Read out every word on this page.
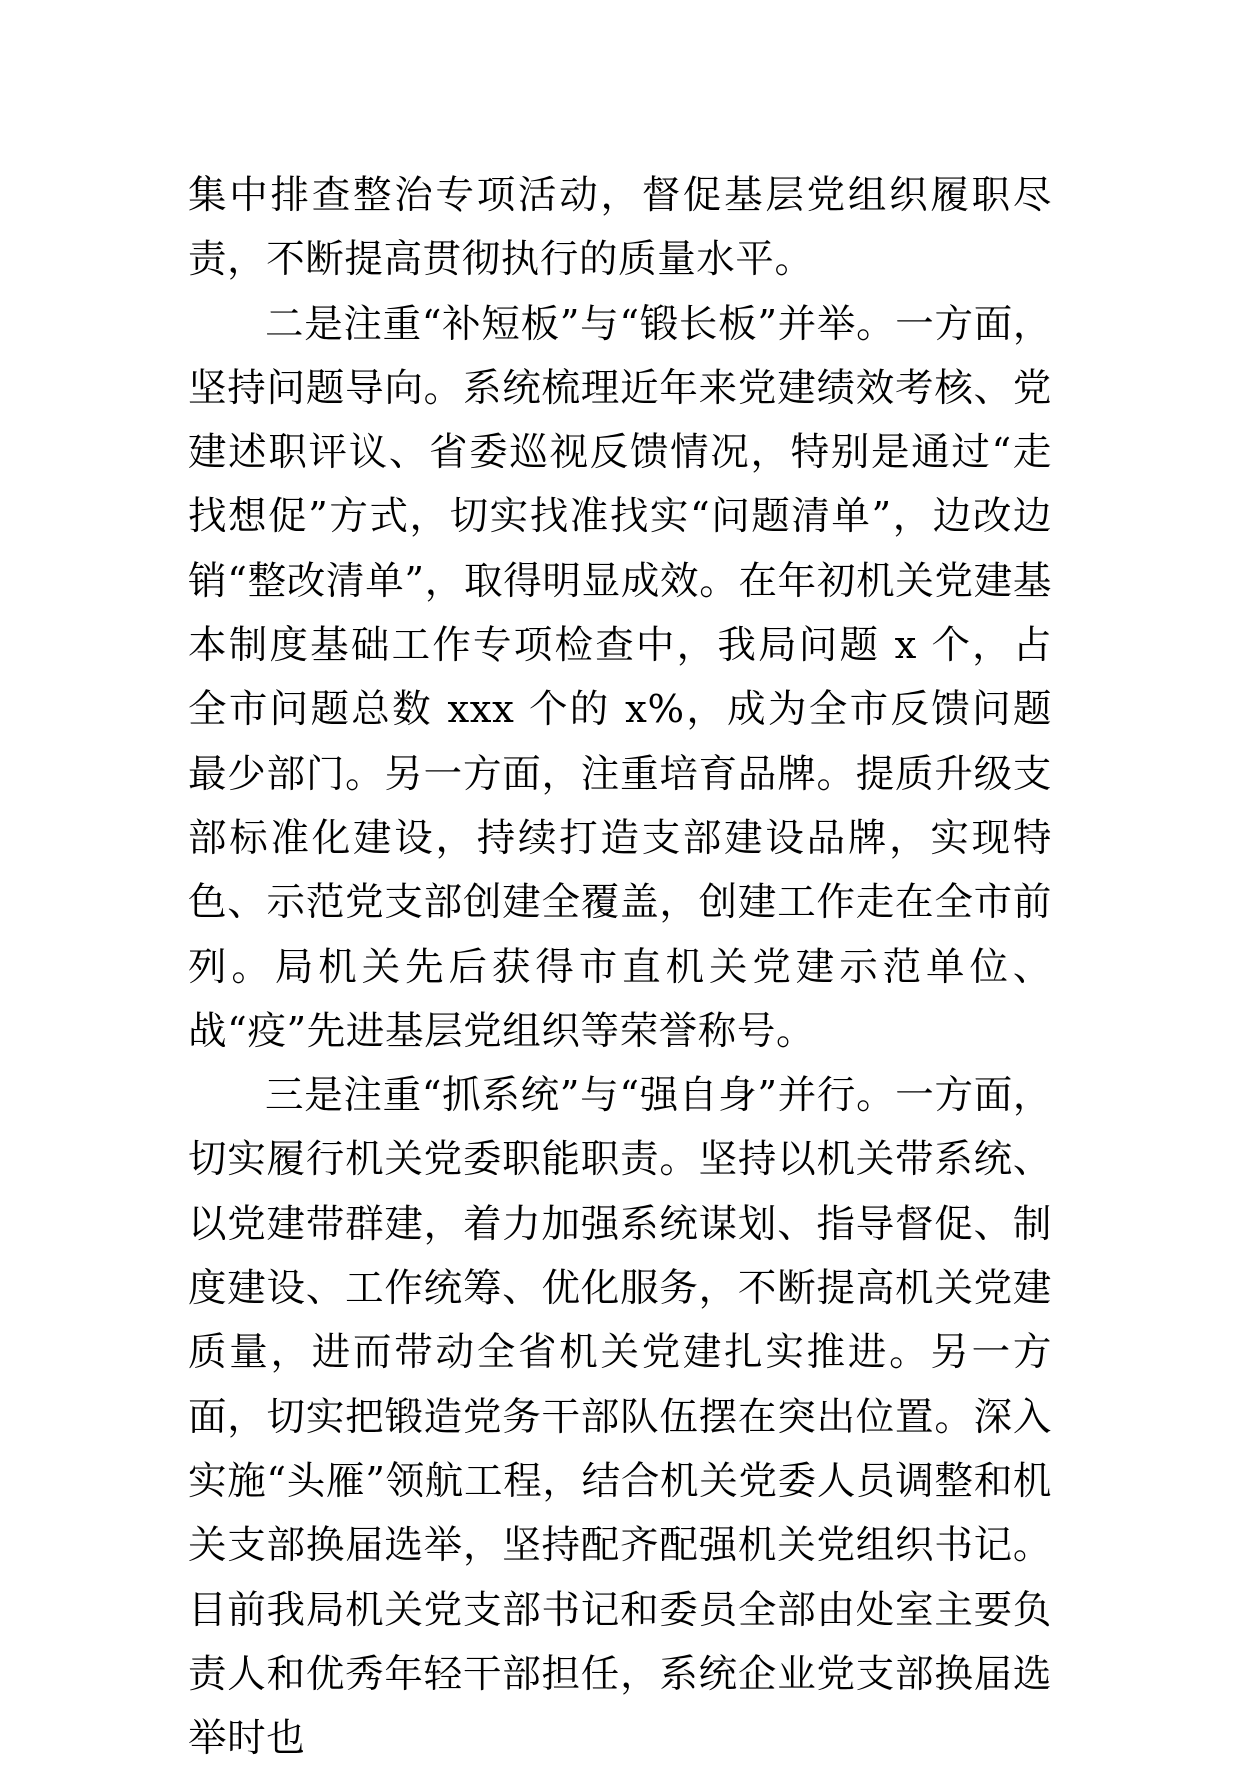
集中排查整治专项活动，督促基层党组织履职尽责，不断提高贯彻执行的质量水平。

二是注重“补短板”与“锻长板”并举。一方面，坚持问题导向。系统梳理近年来党建绩效考核、党建述职评议、省委巡视反馈情况，特别是通过“走找想促”方式，切实找准找实“问题清单”，边改边销“整改清单”，取得明显成效。在年初机关党建基本制度基础工作专项检查中，我局问题 x 个，占全市问题总数 xxx 个的 x%，成为全市反馈问题最少部门。另一方面，注重培育品牌。提质升级支部标准化建设，持续打造支部建设品牌，实现特色、示范党支部创建全覆盖，创建工作走在全市前列。局机关先后获得市直机关党建示范单位、战“疫”先进基层党组织等荣誉称号。

三是注重“抓系统”与“强自身”并行。一方面，切实履行机关党委职能职责。坚持以机关带系统、以党建带群建，着力加强系统谋划、指导督促、制度建设、工作统筹、优化服务，不断提高机关党建质量，进而带动全省机关党建扎实推进。另一方面，切实把锻造党务干部队伍摆在突出位置。深入实施“头雁”领航工程，结合机关党委人员调整和机关支部换届选举，坚持配齐配强机关党组织书记。目前我局机关党支部书记和委员全部由处室主要负责人和优秀年轻干部担任，系统企业党支部换届选举时也
